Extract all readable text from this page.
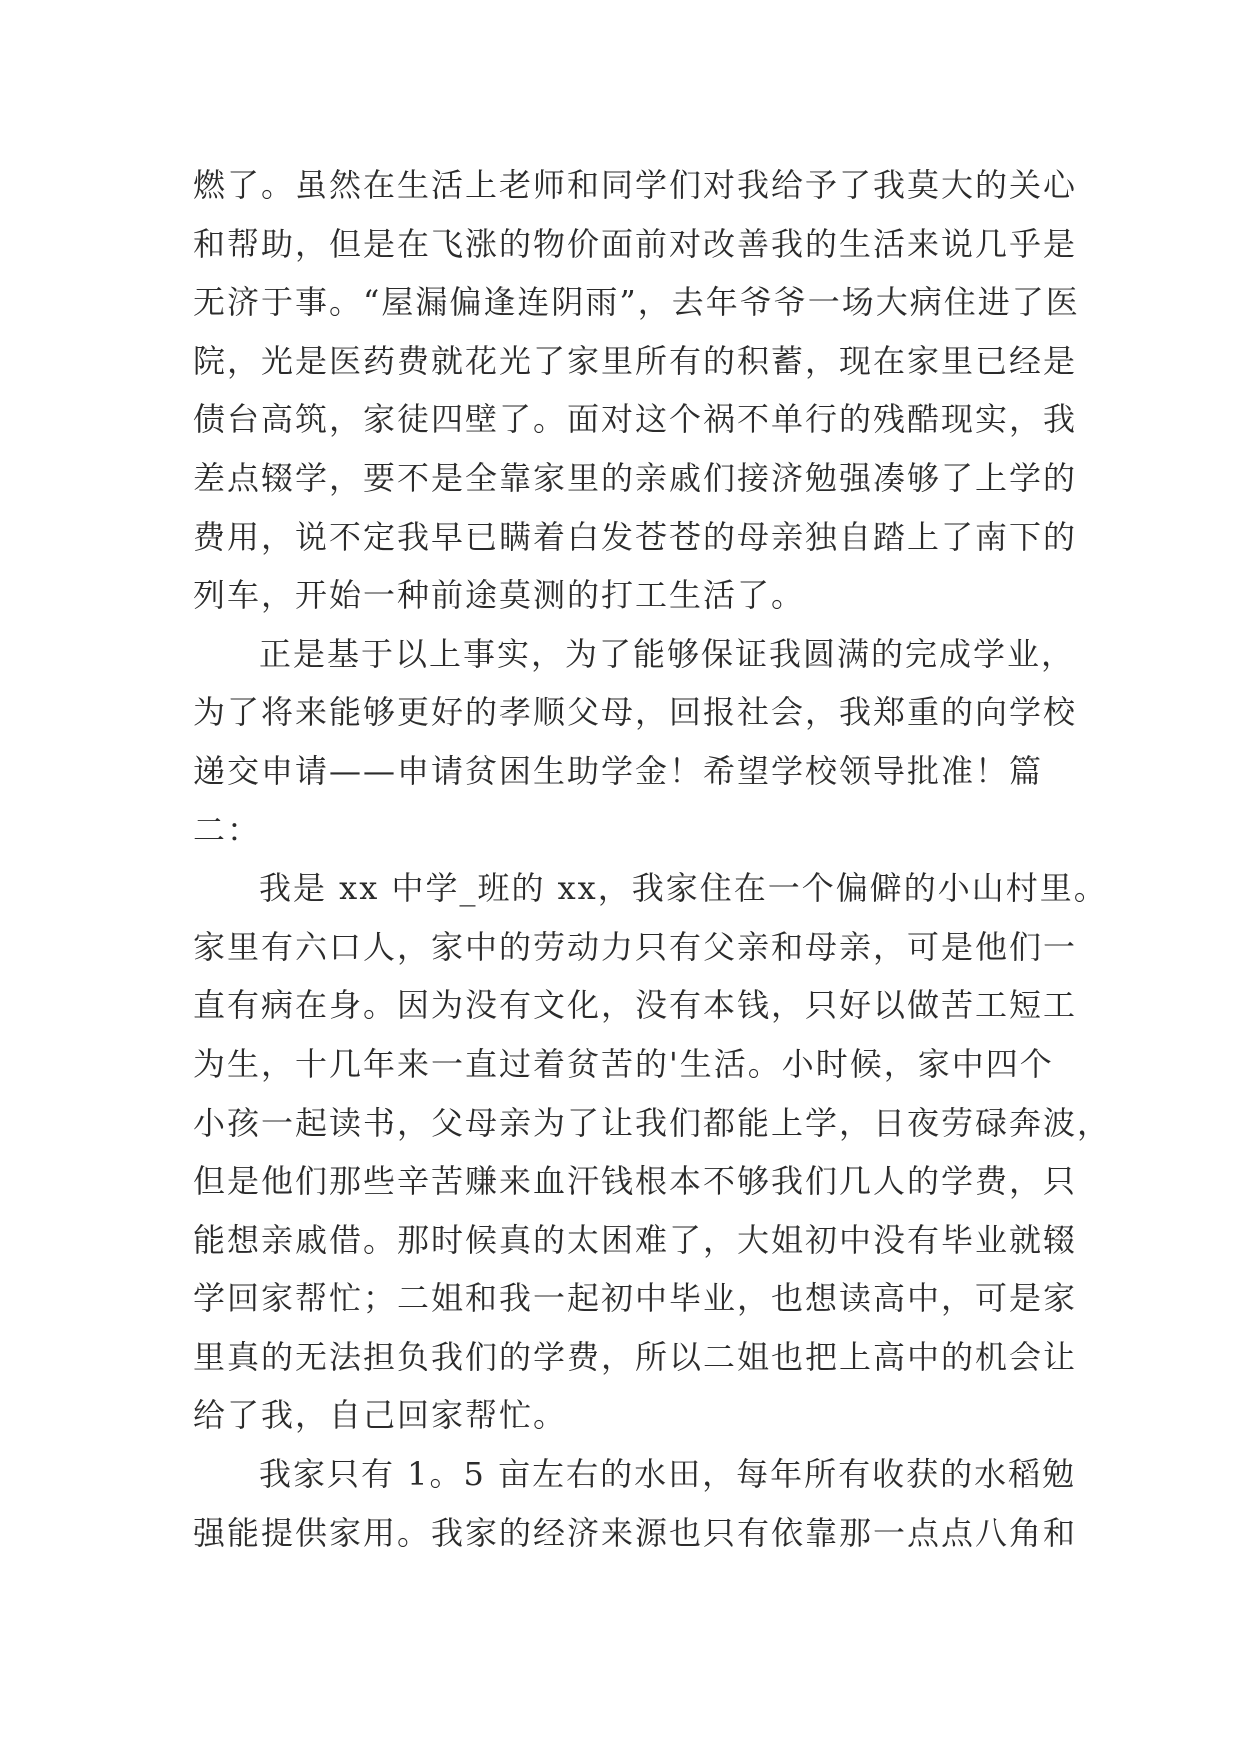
燃了。虽然在生活上老师和同学们对我给予了我莫大的关心
和帮助，但是在飞涨的物价面前对改善我的生活来说几乎是
无济于事。“屋漏偏逢连阴雨”，去年爷爷一场大病住进了医
院，光是医药费就花光了家里所有的积蓄，现在家里已经是
债台高筑，家徒四壁了。面对这个祸不单行的残酷现实，我
差点辍学，要不是全靠家里的亲戚们接济勉强凑够了上学的
费用，说不定我早已瞒着白发苍苍的母亲独自踏上了南下的
列车，开始一种前途莫测的打工生活了。
正是基于以上事实，为了能够保证我圆满的完成学业，
为了将来能够更好的孝顺父母，回报社会，我郑重的向学校
递交申请——申请贫困生助学金！希望学校领导批准！篇
二：
我是 xx 中学_班的 xx，我家住在一个偏僻的小山村里。
家里有六口人，家中的劳动力只有父亲和母亲，可是他们一
直有病在身。因为没有文化，没有本钱，只好以做苦工短工
为生，十几年来一直过着贫苦的'生活。小时候，家中四个
小孩一起读书，父母亲为了让我们都能上学，日夜劳碌奔波，
但是他们那些辛苦赚来血汗钱根本不够我们几人的学费，只
能想亲戚借。那时候真的太困难了，大姐初中没有毕业就辍
学回家帮忙；二姐和我一起初中毕业，也想读高中，可是家
里真的无法担负我们的学费，所以二姐也把上高中的机会让
给了我，自己回家帮忙。
我家只有 1。5 亩左右的水田，每年所有收获的水稻勉
强能提供家用。我家的经济来源也只有依靠那一点点八角和
